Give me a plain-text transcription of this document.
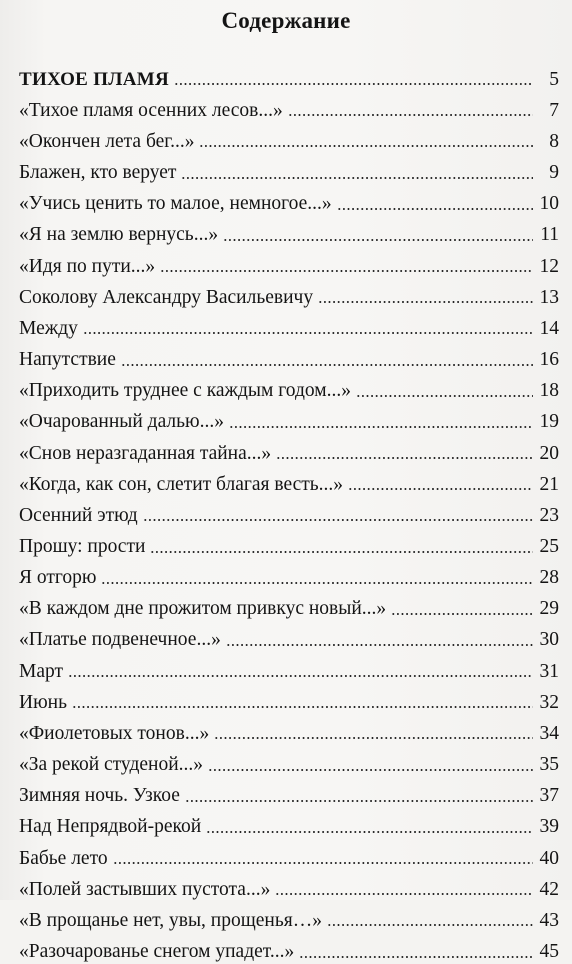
Содержание
ТИХОЕ ПЛАМЯ	5
«Тихое пламя осенних лесов...»	7
«Окончен лета бег...»	8
Блажен, кто верует	9
«Учись ценить то малое, немногое...»	10
«Я на землю вернусь...»	11
«Идя по пути...»	12
Соколову Александру Васильевичу	13
Между	14
Напутствие	16
«Приходить труднее с каждым годом...»	18
«Очарованный далью...»	19
«Снов неразгаданная тайна...»	20
«Когда, как сон, слетит благая весть...»	21
Осенний этюд	23
Прошу: прости	25
Я отгорю	28
«В каждом дне прожитом привкус новый...»	29
«Платье подвенечное...»	30
Март	31
Июнь	32
«Фиолетовых тонов...»	34
«За рекой студеной...»	35
Зимняя ночь. Узкое	37
Над Непрядвой-рекой	39
Бабье лето	40
«Полей застывших пустота...»	42
«В прощанье нет, увы, прощенья…»	43
«Разочарованье снегом упадет...»	45
